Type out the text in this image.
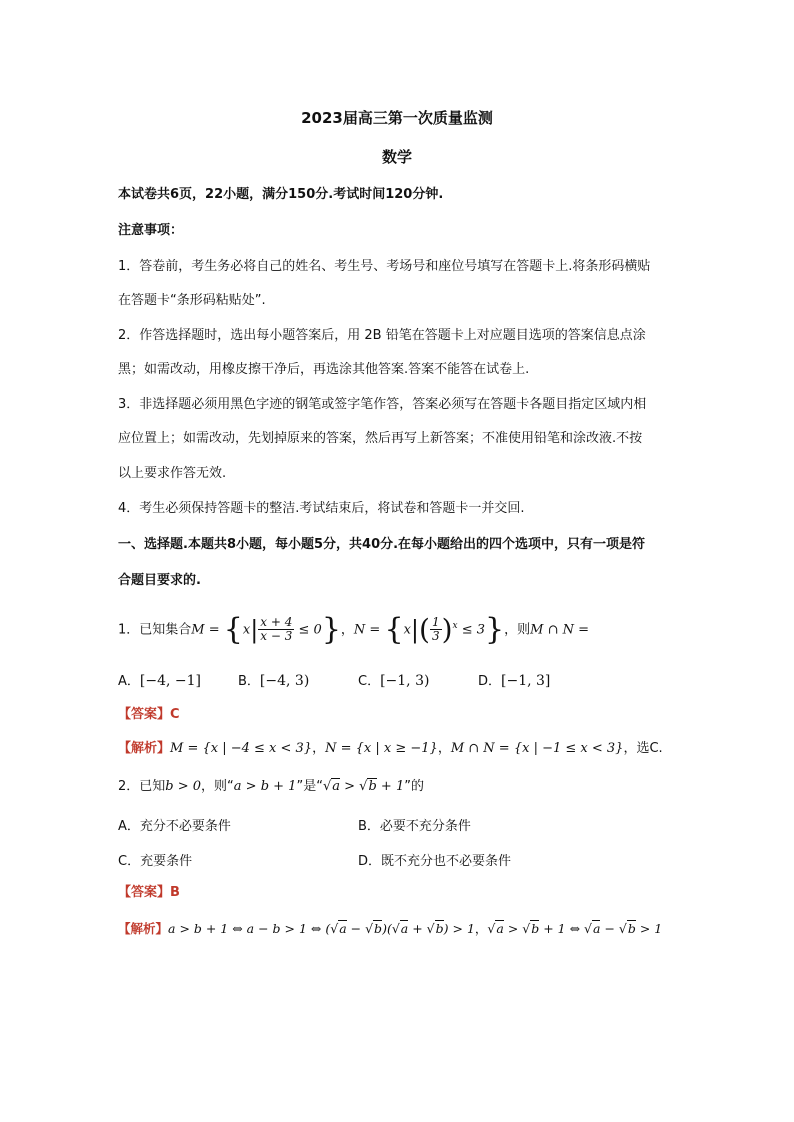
2023届高三第一次质量监测
数学
本试卷共6页，22小题，满分150分.考试时间120分钟.
注意事项：
1．答卷前，考生务必将自己的姓名、考生号、考场号和座位号填写在答题卡上.将条形码横贴
在答题卡“条形码粘贴处”.
2．作答选择题时，选出每小题答案后，用 2B 铅笔在答题卡上对应题目选项的答案信息点涂
黑；如需改动，用橡皮擦干净后，再选涂其他答案.答案不能答在试卷上.
3．非选择题必须用黑色字迹的钢笔或签字笔作答，答案必须写在答题卡各题目指定区域内相
应位置上；如需改动，先划掉原来的答案，然后再写上新答案；不准使用铅笔和涂改液.不按
以上要求作答无效.
4．考生必须保持答题卡的整洁.考试结束后，将试卷和答题卡一并交回.
一、选择题.本题共8小题，每小题5分，共40分.在每小题给出的四个选项中，只有一项是符
合题目要求的.
1．已知集合$M = \{x| \frac{x + 4}{x - 3} \le 0\}$，$N = \{x|( \frac{1}{3} )^x \le 3\}$，则M ∩ N =
A．[−4, −1]	B．[−4, 3)	C．[−1, 3)	D．[−1, 3]
【答案】C
【解析】M = {x | −4 ≤ x < 3}，N = {x | x ≥ −1}，M ∩ N = {x | −1 ≤ x < 3}，选C.
2．已知b > 0，则“a > b + 1”是“√a > √b + 1”的
A．充分不必要条件	B．必要不充分条件
C．充要条件	D．既不充分也不必要条件
【答案】B
【解析】a > b + 1 ⇔ a − b > 1 ⇔ (√a − √b)(√a + √b) > 1，√a > √b + 1 ⇔ √a − √b > 1
